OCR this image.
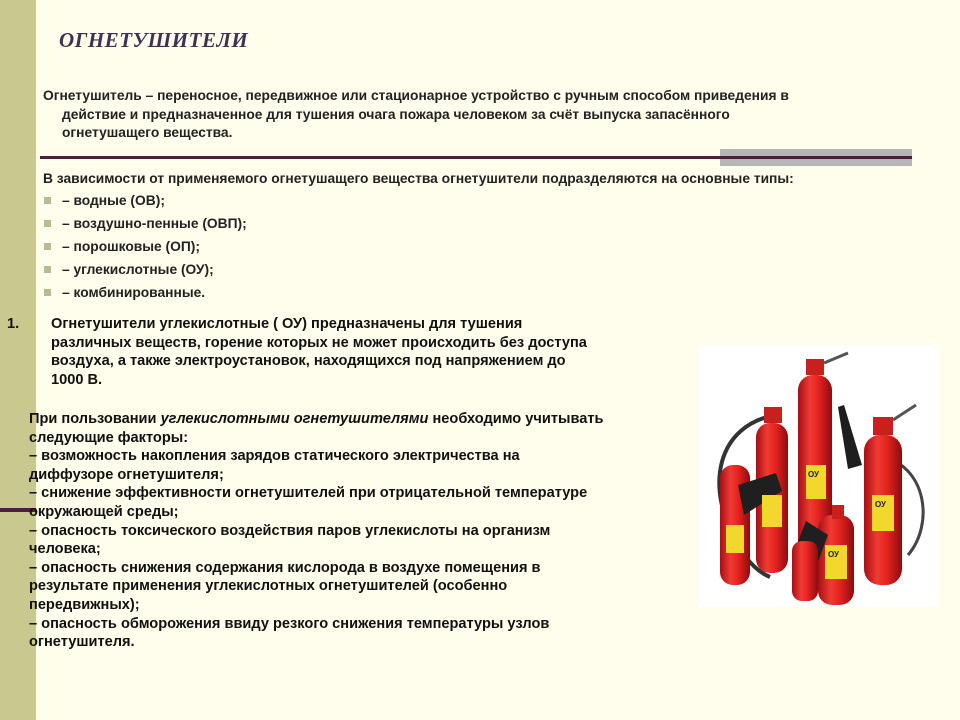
ОГНЕТУШИТЕЛИ
Огнетушитель – переносное, передвижное или стационарное устройство с ручным способом приведения в
действие и предназначенное для тушения очага пожара человеком за счёт выпуска запасённого
огнетушащего вещества.

В зависимости от применяемого огнетушащего вещества огнетушители подразделяются на основные типы:

– водные (ОВ);
– воздушно-пенные (ОВП);
– порошковые (ОП);
– углекислотные (ОУ);
– комбинированные.

1. Огнетушители углекислотные ( ОУ) предназначены для тушения
различных веществ, горение которых не может происходить без доступа
воздуха, а также электроустановок, находящихся под напряжением до
1000 В.

При пользовании углекислотными огнетушителями необходимо учитывать

следующие факторы:

– возможность накопления зарядов статического электричества на
диффузоре огнетушителя;

– снижение эффективности огнетушителей при отрицательной температуре
окружающей среды;

– опасность токсического воздействия паров углекислоты на организм
человека;

– опасность снижения содержания кислорода в воздухе помещения в
результате применения углекислотных огнетушителей (особенно
передвижных);

– опасность обморожения ввиду резкого снижения температуры узлов
огнетушителя.

ОУ
ОУ
ОУ
